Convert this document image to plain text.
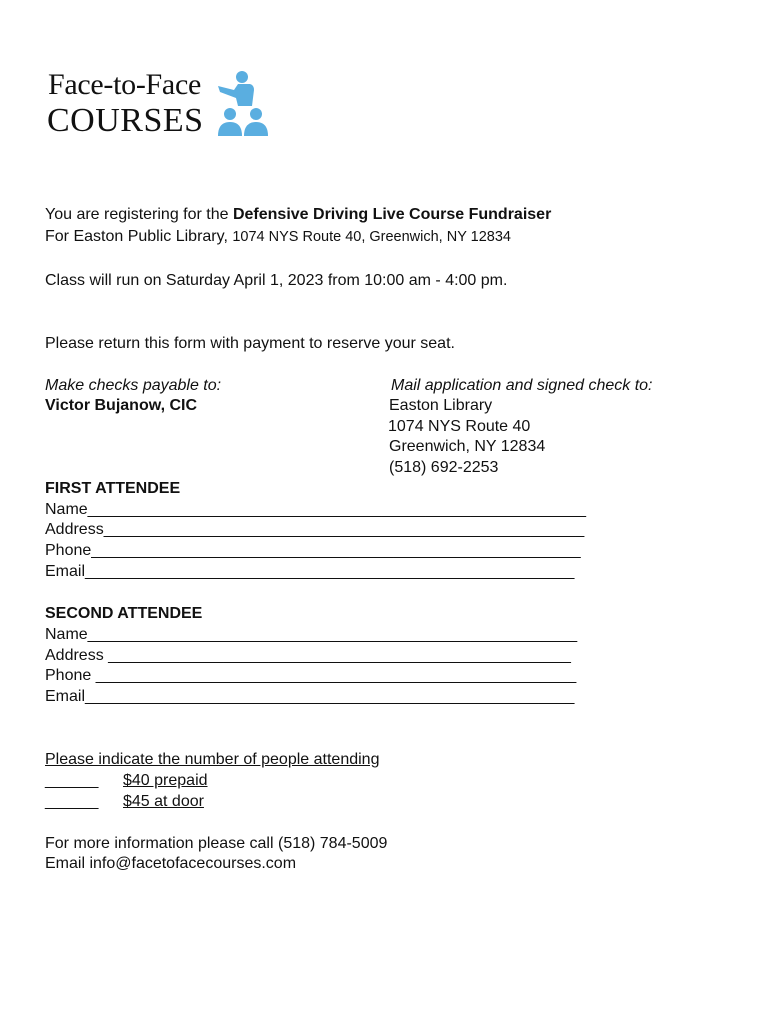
Face-to-Face
COURSES
You are registering for the Defensive Driving Live Course Fundraiser
For Easton Public Library, 1074 NYS Route 40, Greenwich, NY 12834
Class will run on Saturday April 1, 2023 from 10:00 am - 4:00 pm.
Please return this form with payment to reserve your seat.
Make checks payable to:
Victor Bujanow, CIC
Mail application and signed check to:
Easton Library
1074 NYS Route 40
Greenwich, NY 12834
(518) 692-2253
FIRST ATTENDEE
Name________________________________________________________
Address______________________________________________________
Phone_______________________________________________________
Email_______________________________________________________
SECOND ATTENDEE
Name_______________________________________________________
Address ____________________________________________________
Phone ______________________________________________________
Email_______________________________________________________
Please indicate the number of people attending
______ $40 prepaid
______ $45 at door
For more information please call (518) 784-5009
Email info@facetofacecourses.com
